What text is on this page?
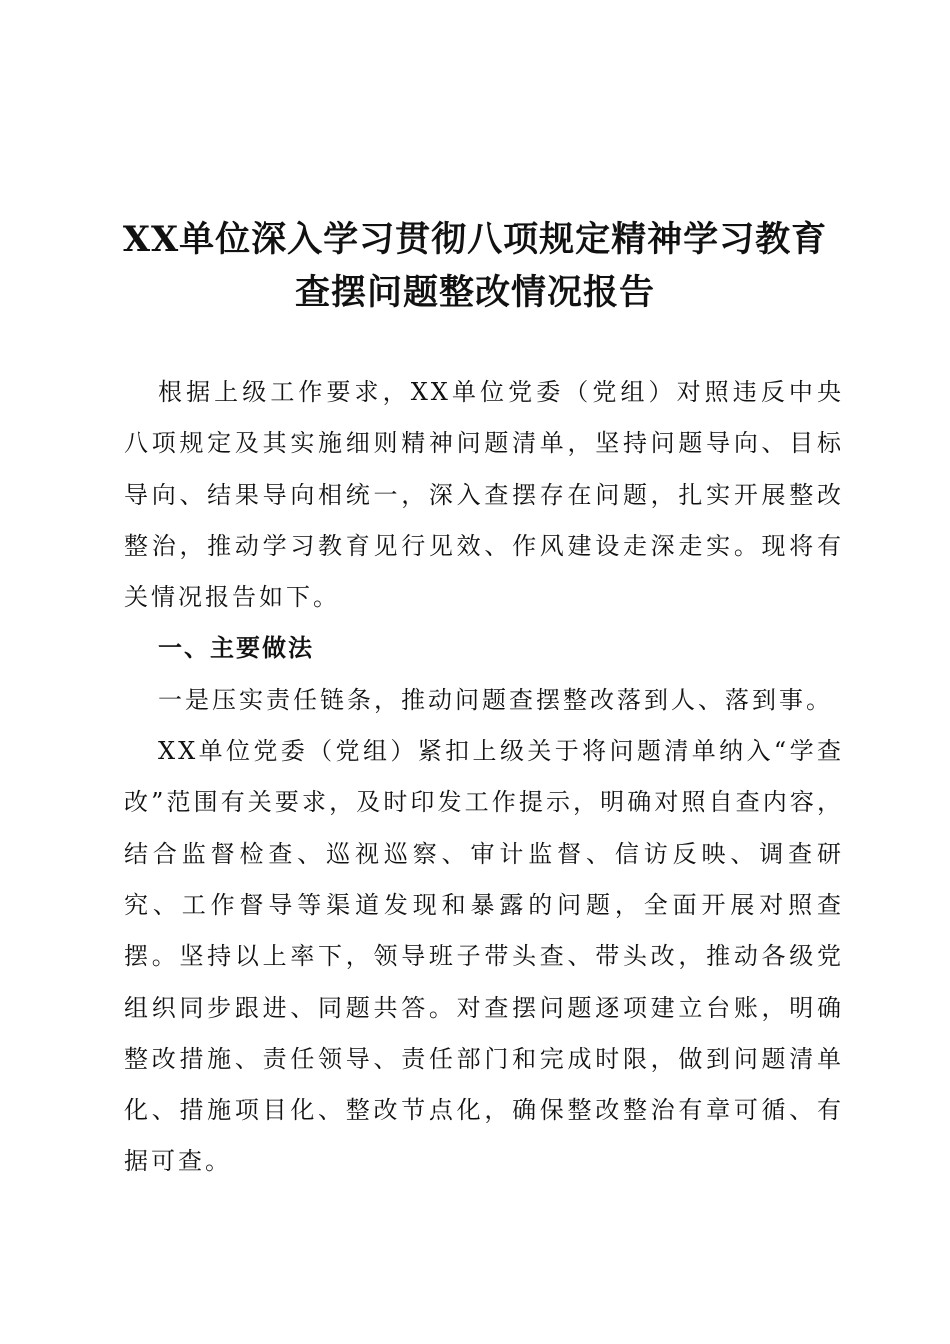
XX单位深入学习贯彻八项规定精神学习教育
查摆问题整改情况报告

根据上级工作要求，XX单位党委（党组）对照违反中央八项规定及其实施细则精神问题清单，坚持问题导向、目标导向、结果导向相统一，深入查摆存在问题，扎实开展整改整治，推动学习教育见行见效、作风建设走深走实。现将有关情况报告如下。

一、主要做法

一是压实责任链条，推动问题查摆整改落到人、落到事。

XX单位党委（党组）紧扣上级关于将问题清单纳入“学查改”范围有关要求，及时印发工作提示，明确对照自查内容，结合监督检查、巡视巡察、审计监督、信访反映、调查研究、工作督导等渠道发现和暴露的问题，全面开展对照查摆。坚持以上率下，领导班子带头查、带头改，推动各级党组织同步跟进、同题共答。对查摆问题逐项建立台账，明确整改措施、责任领导、责任部门和完成时限，做到问题清单化、措施项目化、整改节点化，确保整改整治有章可循、有据可查。
